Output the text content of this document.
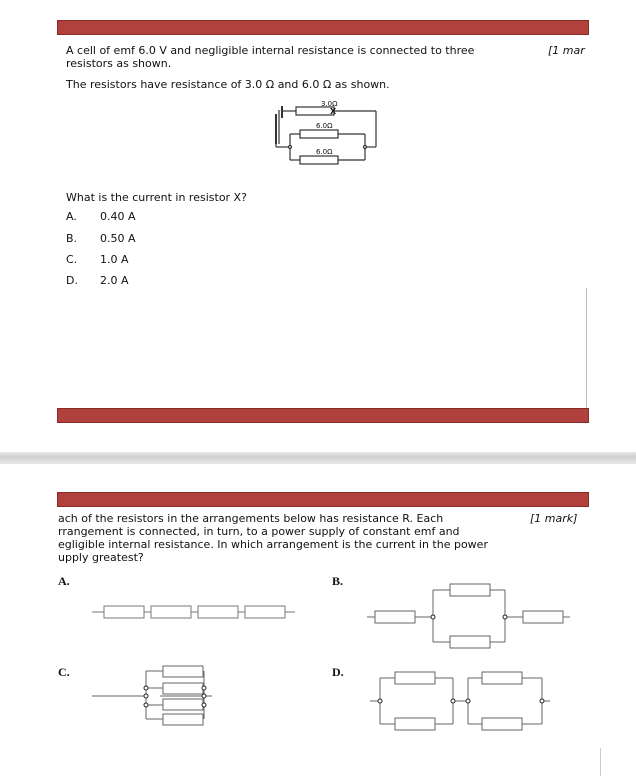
A cell of emf 6.0 V and negligible internal resistance is connected to three	[1 mar
resistors as shown.
The resistors have resistance of 3.0 Ω and 6.0 Ω as shown.
3.0Ω
X
6.0Ω
6.0Ω
What is the current in resistor X?
A. 0.40 A
B. 0.50 A
C. 1.0 A
D. 2.0 A
ach of the resistors in the arrangements below has resistance R. Each	[1 mark]
rrangement is connected, in turn, to a power supply of constant emf and
egligible internal resistance. In which arrangement is the current in the power
upply greatest?
A.	B.
C.	D.
